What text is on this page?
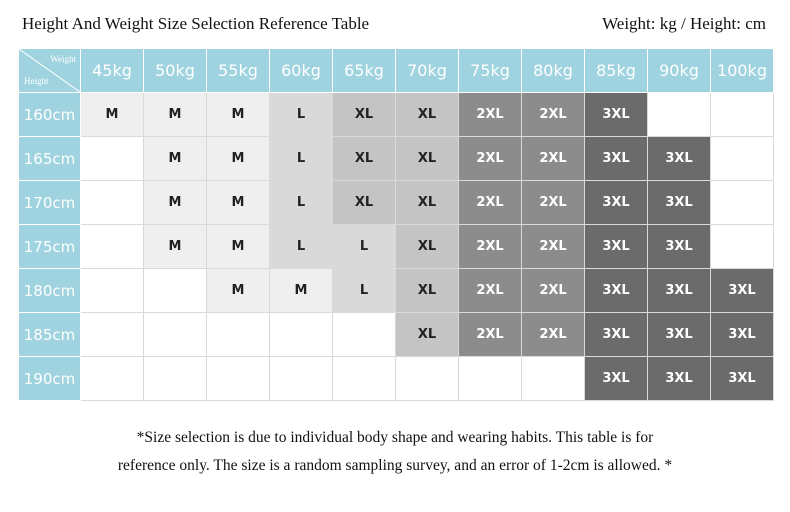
Height And Weight Size Selection Reference Table	Weight: kg / Height: cm
Weight
Height	45kg	50kg	55kg	60kg	65kg	70kg	75kg	80kg	85kg	90kg	100kg
160cm	M	M	M	L	XL	XL	2XL	2XL	3XL		
165cm		M	M	L	XL	XL	2XL	2XL	3XL	3XL	
170cm		M	M	L	XL	XL	2XL	2XL	3XL	3XL	
175cm		M	M	L	L	XL	2XL	2XL	3XL	3XL	
180cm			M	M	L	XL	2XL	2XL	3XL	3XL	3XL
185cm						XL	2XL	2XL	3XL	3XL	3XL
190cm									3XL	3XL	3XL
*Size selection is due to individual body shape and wearing habits. This table is for
reference only. The size is a random sampling survey, and an error of 1-2cm is allowed. *
